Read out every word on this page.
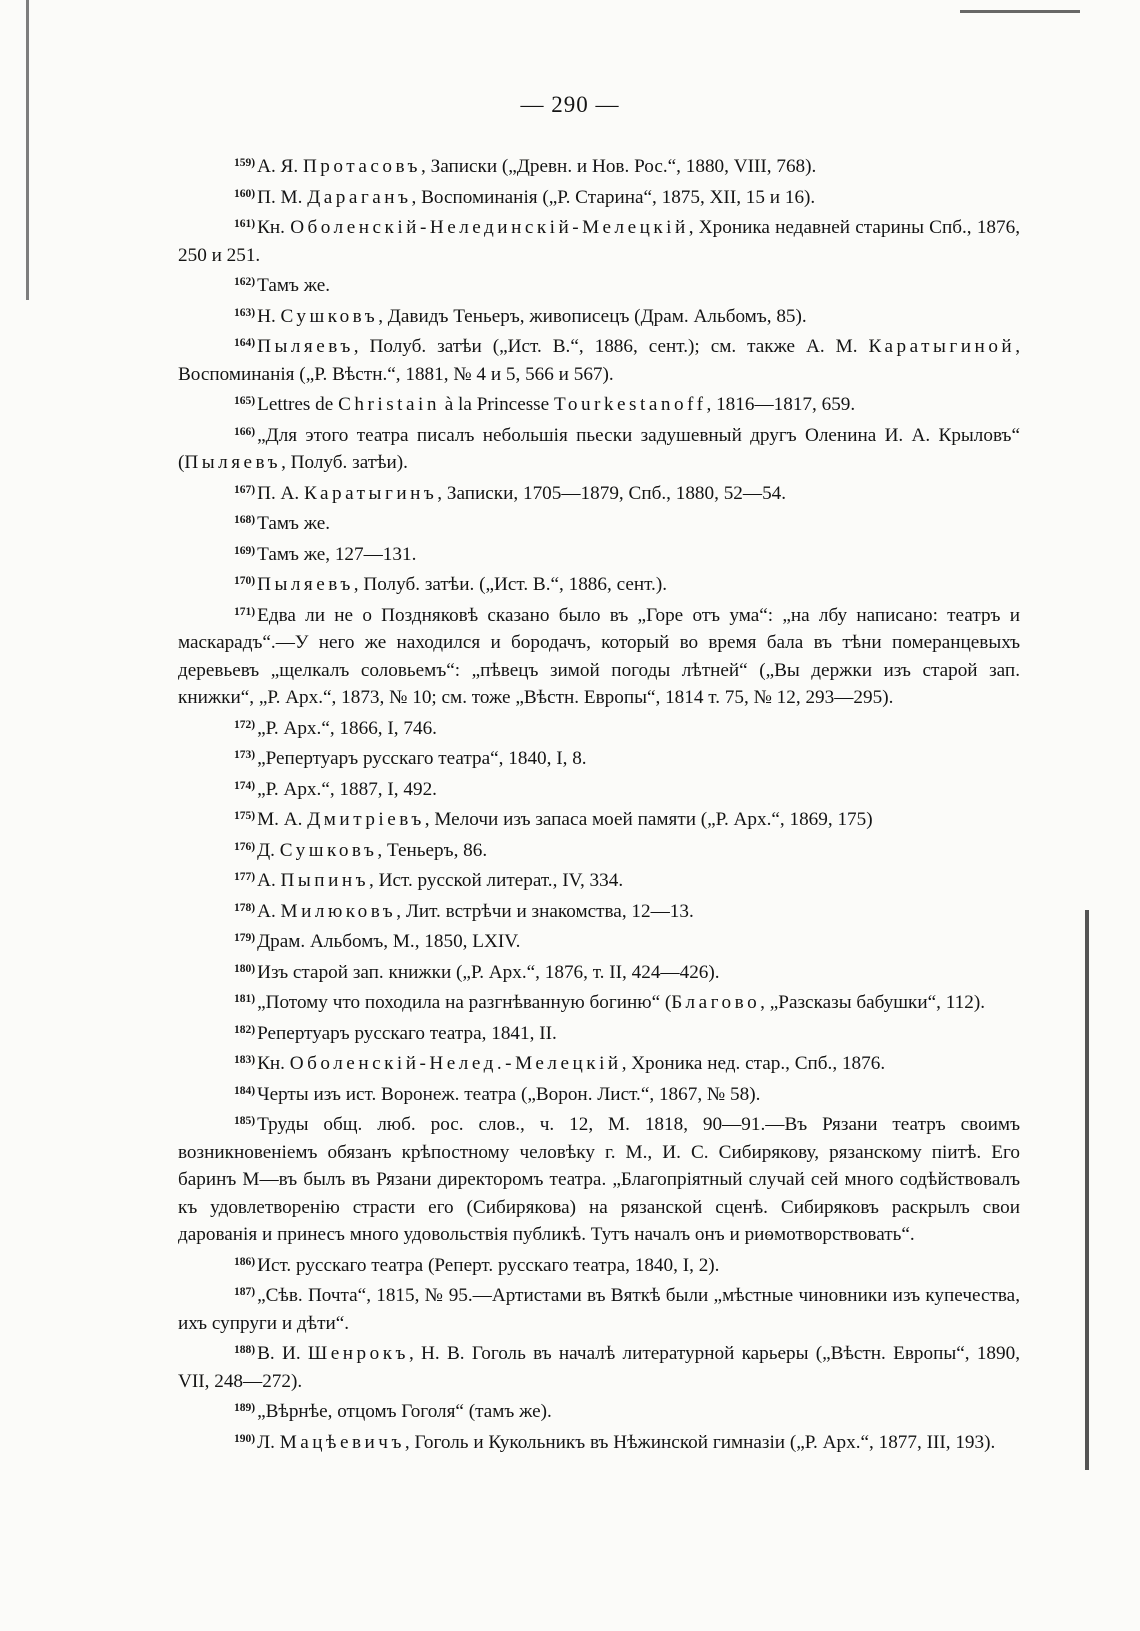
— 290 —

$^{159)}$ А. Я. Протасовъ, Записки („Древн. и Нов. Рос.“, 1880, VIII, 768).

$^{160)}$ П. М. Дараганъ, Воспоминанія („Р. Старина“, 1875, XII, 15 и 16).

$^{161)}$ Кн. Оболенскій-Нелединскій-Мелецкій, Хроника недавней старины Спб., 1876, 250 и 251.

$^{162)}$ Тамъ же.

$^{163)}$ Н. Сушковъ, Давидъ Теньеръ, живописецъ (Драм. Альбомъ, 85).

$^{164)}$ Пыляевъ, Полуб. затѣи („Ист. В.“, 1886, сент.); см. также А. М. Каратыгиной, Воспоминанія („Р. Вѣстн.“, 1881, № 4 и 5, 566 и 567).

$^{165)}$ Lettres de Christain à la Princesse Tourkestanoff, 1816—1817, 659.

$^{166)}$ „Для этого театра писалъ небольшія пьески задушевный другъ Оленина И. А. Крыловъ“ (Пыляевъ, Полуб. затѣи).

$^{167)}$ П. А. Каратыгинъ, Записки, 1705—1879, Спб., 1880, 52—54.

$^{168)}$ Тамъ же.

$^{169)}$ Тамъ же, 127—131.

$^{170)}$ Пыляевъ, Полуб. затѣи. („Ист. В.“, 1886, сент.).

$^{171)}$ Едва ли не о Поздняковѣ сказано было въ „Горе отъ ума“: „на лбу написано: театръ и маскарадъ“.—У него же находился и бородачъ, который во время бала въ тѣни померанцевыхъ деревьевъ „щелкалъ соловьемъ“: „пѣвецъ зимой погоды лѣтней“ („Вы держки изъ старой зап. книжки“, „Р. Арх.“, 1873, № 10; см. тоже „Вѣстн. Европы“, 1814 т. 75, № 12, 293—295).

$^{172)}$ „Р. Арх.“, 1866, I, 746.

$^{173)}$ „Репертуаръ русскаго театра“, 1840, I, 8.

$^{174)}$ „Р. Арх.“, 1887, I, 492.

$^{175)}$ М. А. Дмитріевъ, Мелочи изъ запаса моей памяти („Р. Арх.“, 1869, 175)

$^{176)}$ Д. Сушковъ, Теньеръ, 86.

$^{177)}$ А. Пыпинъ, Ист. русской литерат., IV, 334.

$^{178)}$ А. Милюковъ, Лит. встрѣчи и знакомства, 12—13.

$^{179)}$ Драм. Альбомъ, М., 1850, LXIV.

$^{180)}$ Изъ старой зап. книжки („Р. Арх.“, 1876, т. II, 424—426).

$^{181)}$ „Потому что походила на разгнѣванную богиню“ (Благово, „Разсказы бабушки“, 112).

$^{182)}$ Репертуаръ русскаго театра, 1841, II.

$^{183)}$ Кн. Оболенскій-Нелед.-Мелецкій, Хроника нед. стар., Спб., 1876.

$^{184)}$ Черты изъ ист. Воронеж. театра („Ворон. Лист.“, 1867, № 58).

$^{185)}$ Труды общ. люб. рос. слов., ч. 12, М. 1818, 90—91.—Въ Рязани театръ своимъ возникновеніемъ обязанъ крѣпостному человѣку г. М., И. С. Сибирякову, рязанскому піитѣ. Его баринъ М—въ былъ въ Рязани директоромъ театра. „Благопріятный случай сей много содѣйствовалъ къ удовлетворенію страсти его (Сибирякова) на рязанской сценѣ. Сибиряковъ раскрылъ свои дарованія и принесъ много удовольствія публикѣ. Тутъ началъ онъ и риѳмотворствовать“.

$^{186)}$ Ист. русскаго театра (Реперт. русскаго театра, 1840, I, 2).

$^{187)}$ „Сѣв. Почта“, 1815, № 95.—Артистами въ Вяткѣ были „мѣстные чиновники изъ купечества, ихъ супруги и дѣти“.

$^{188)}$ В. И. Шенрокъ, Н. В. Гоголь въ началѣ литературной карьеры („Вѣстн. Европы“, 1890, VII, 248—272).

$^{189)}$ „Вѣрнѣе, отцомъ Гоголя“ (тамъ же).

$^{190)}$ Л. Мацѣевичъ, Гоголь и Кукольникъ въ Нѣжинской гимназіи („Р. Арх.“, 1877, III, 193).
